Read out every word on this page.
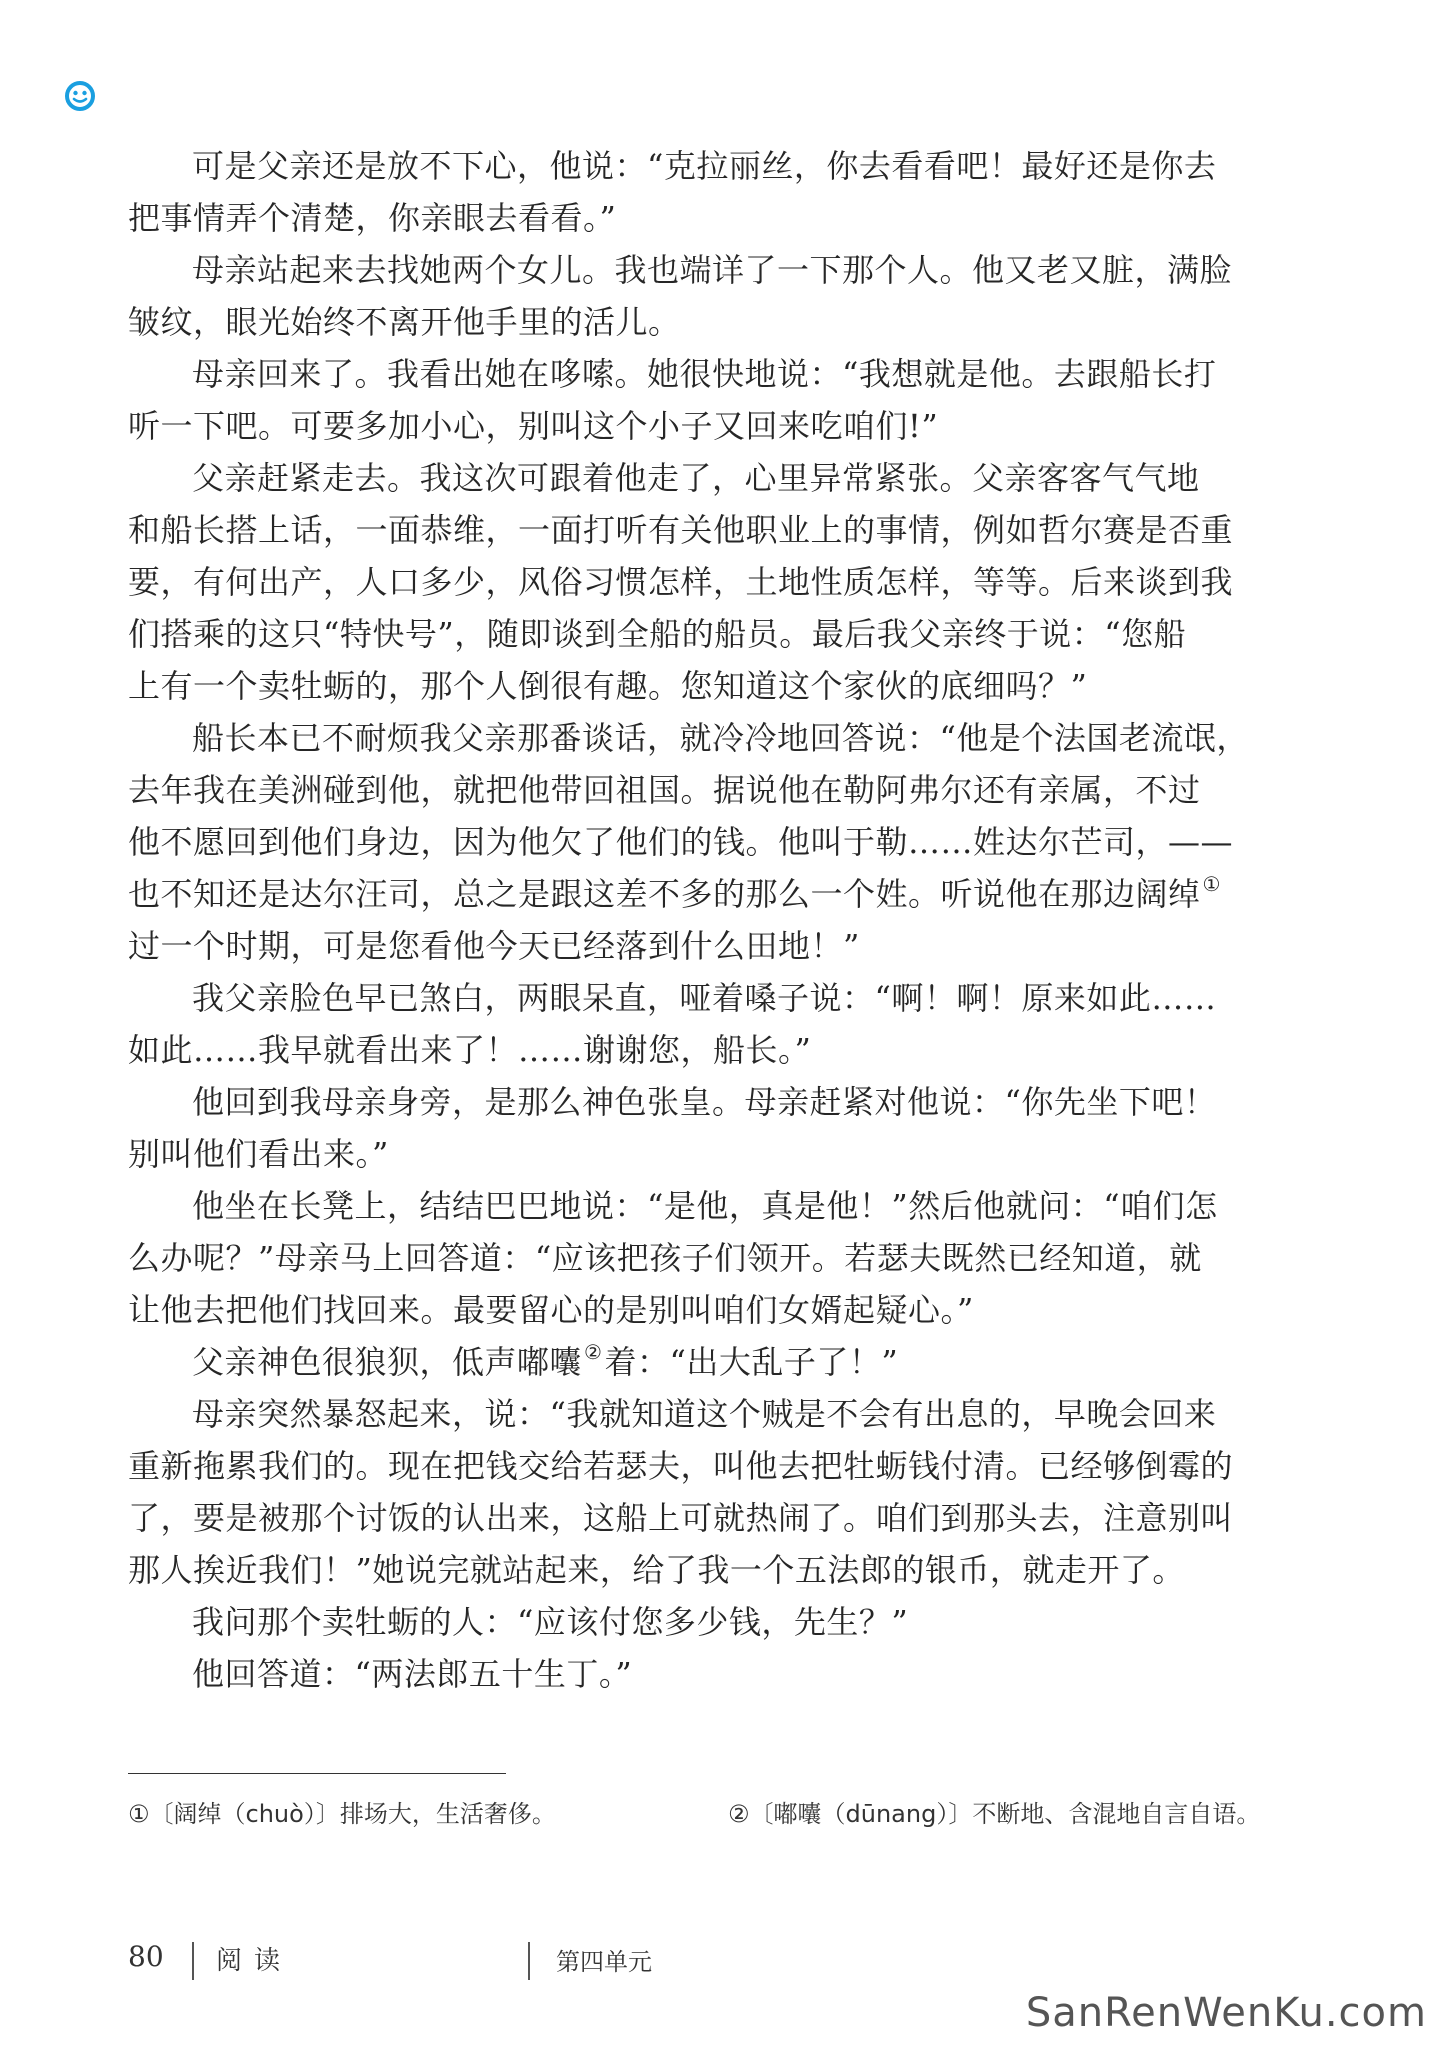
可是父亲还是放不下心，他说：“克拉丽丝，你去看看吧！最好还是你去
把事情弄个清楚，你亲眼去看看。”
母亲站起来去找她两个女儿。我也端详了一下那个人。他又老又脏，满脸
皱纹，眼光始终不离开他手里的活儿。
母亲回来了。我看出她在哆嗦。她很快地说：“我想就是他。去跟船长打
听一下吧。可要多加小心，别叫这个小子又回来吃咱们!”
父亲赶紧走去。我这次可跟着他走了，心里异常紧张。父亲客客气气地
和船长搭上话，一面恭维，一面打听有关他职业上的事情，例如哲尔赛是否重
要，有何出产，人口多少，风俗习惯怎样，土地性质怎样，等等。后来谈到我
们搭乘的这只“特快号”，随即谈到全船的船员。最后我父亲终于说：“您船
上有一个卖牡蛎的，那个人倒很有趣。您知道这个家伙的底细吗？”
船长本已不耐烦我父亲那番谈话，就冷冷地回答说：“他是个法国老流氓，
去年我在美洲碰到他，就把他带回祖国。据说他在勒阿弗尔还有亲属，不过
他不愿回到他们身边，因为他欠了他们的钱。他叫于勒……姓达尔芒司，——
也不知还是达尔汪司，总之是跟这差不多的那么一个姓。听说他在那边阔绰 ①
过一个时期，可是您看他今天已经落到什么田地！”
我父亲脸色早已煞白，两眼呆直，哑着嗓子说：“啊！啊！原来如此……
如此……我早就看出来了！……谢谢您，船长。”
他回到我母亲身旁，是那么神色张皇。母亲赶紧对他说：“你先坐下吧！
别叫他们看出来。”
他坐在长凳上，结结巴巴地说：“是他，真是他！”然后他就问：“咱们怎
么办呢？”母亲马上回答道：“应该把孩子们领开。若瑟夫既然已经知道，就
让他去把他们找回来。最要留心的是别叫咱们女婿起疑心。”
父亲神色很狼狈，低声嘟囔 ②着：“出大乱子了！”
母亲突然暴怒起来，说：“我就知道这个贼是不会有出息的，早晚会回来
重新拖累我们的。现在把钱交给若瑟夫，叫他去把牡蛎钱付清。已经够倒霉的
了，要是被那个讨饭的认出来，这船上可就热闹了。咱们到那头去，注意别叫
那人挨近我们！”她说完就站起来，给了我一个五法郎的银币，就走开了。
我问那个卖牡蛎的人：“应该付您多少钱，先生？”
他回答道：“两法郎五十生丁。”
①〔阔绰（chuò）〕排场大，生活奢侈。	②〔嘟囔（dūnang）〕不断地、含混地自言自语。
80 阅读	第四单元
SanRenWenKu.com
